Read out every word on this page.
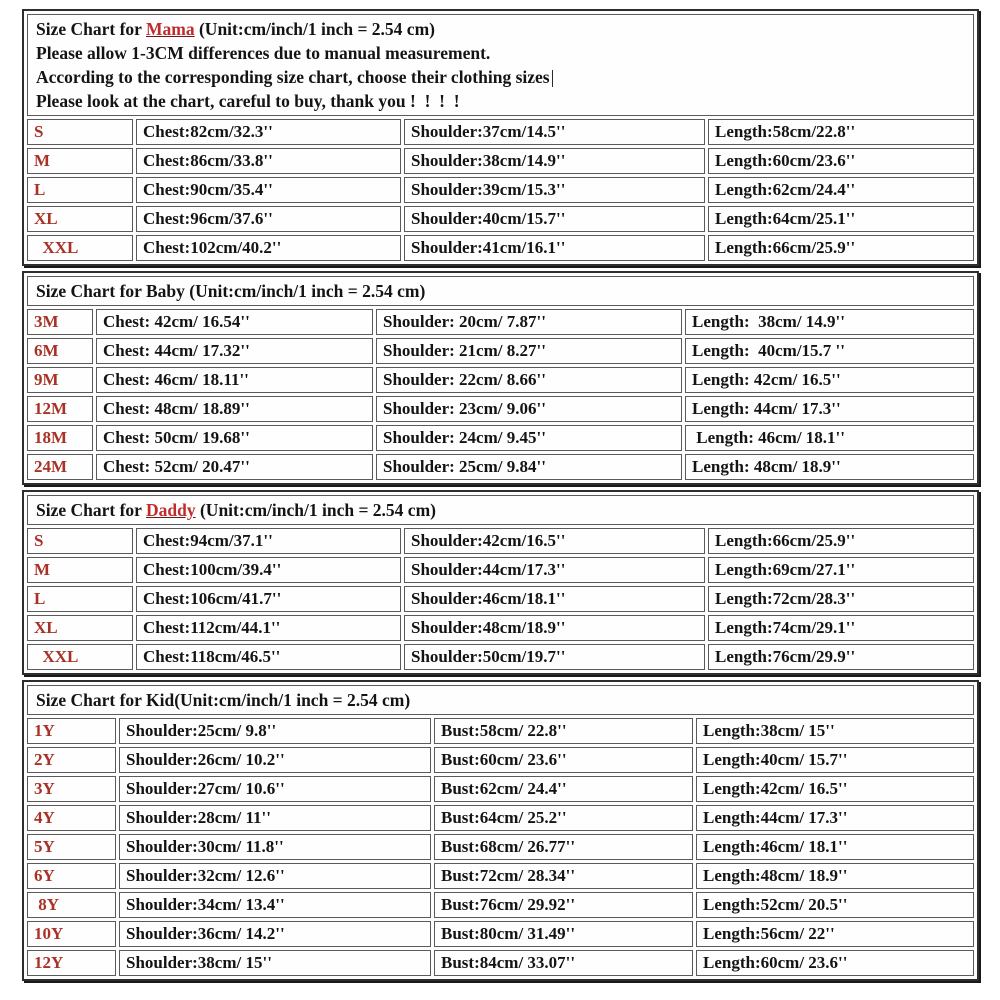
Size Chart for Mama (Unit:cm/inch/1 inch = 2.54 cm)
Please allow 1-3CM differences due to manual measurement.
According to the corresponding size chart, choose their clothing sizes
Please look at the chart, careful to buy, thank you !  !  !  !			

S	Chest:82cm/32.3''	Shoulder:37cm/14.5''	Length:58cm/22.8''
M	Chest:86cm/33.8''	Shoulder:38cm/14.9''	Length:60cm/23.6''
L	Chest:90cm/35.4''	Shoulder:39cm/15.3''	Length:62cm/24.4''
XL	Chest:96cm/37.6''	Shoulder:40cm/15.7''	Length:64cm/25.1''
XXL	Chest:102cm/40.2''	Shoulder:41cm/16.1''	Length:66cm/25.9''
Size Chart for Baby (Unit:cm/inch/1 inch = 2.54 cm)			

3M	Chest: 42cm/ 16.54''	Shoulder: 20cm/ 7.87''	Length:  38cm/ 14.9''
6M	Chest: 44cm/ 17.32''	Shoulder: 21cm/ 8.27''	Length:  40cm/15.7 ''
9M	Chest: 46cm/ 18.11''	Shoulder: 22cm/ 8.66''	Length: 42cm/ 16.5''
12M	Chest: 48cm/ 18.89''	Shoulder: 23cm/ 9.06''	Length: 44cm/ 17.3''
18M	Chest: 50cm/ 19.68''	Shoulder: 24cm/ 9.45''	Length: 46cm/ 18.1''
24M	Chest: 52cm/ 20.47''	Shoulder: 25cm/ 9.84''	Length: 48cm/ 18.9''
Size Chart for Daddy (Unit:cm/inch/1 inch = 2.54 cm)			

S	Chest:94cm/37.1''	Shoulder:42cm/16.5''	Length:66cm/25.9''
M	Chest:100cm/39.4''	Shoulder:44cm/17.3''	Length:69cm/27.1''
L	Chest:106cm/41.7''	Shoulder:46cm/18.1''	Length:72cm/28.3''
XL	Chest:112cm/44.1''	Shoulder:48cm/18.9''	Length:74cm/29.1''
XXL	Chest:118cm/46.5''	Shoulder:50cm/19.7''	Length:76cm/29.9''
Size Chart for Kid(Unit:cm/inch/1 inch = 2.54 cm)			

1Y	Shoulder:25cm/ 9.8''	Bust:58cm/ 22.8''	Length:38cm/ 15''
2Y	Shoulder:26cm/ 10.2''	Bust:60cm/ 23.6''	Length:40cm/ 15.7''
3Y	Shoulder:27cm/ 10.6''	Bust:62cm/ 24.4''	Length:42cm/ 16.5''
4Y	Shoulder:28cm/ 11''	Bust:64cm/ 25.2''	Length:44cm/ 17.3''
5Y	Shoulder:30cm/ 11.8''	Bust:68cm/ 26.77''	Length:46cm/ 18.1''
6Y	Shoulder:32cm/ 12.6''	Bust:72cm/ 28.34''	Length:48cm/ 18.9''
8Y	Shoulder:34cm/ 13.4''	Bust:76cm/ 29.92''	Length:52cm/ 20.5''
10Y	Shoulder:36cm/ 14.2''	Bust:80cm/ 31.49''	Length:56cm/ 22''
12Y	Shoulder:38cm/ 15''	Bust:84cm/ 33.07''	Length:60cm/ 23.6''
